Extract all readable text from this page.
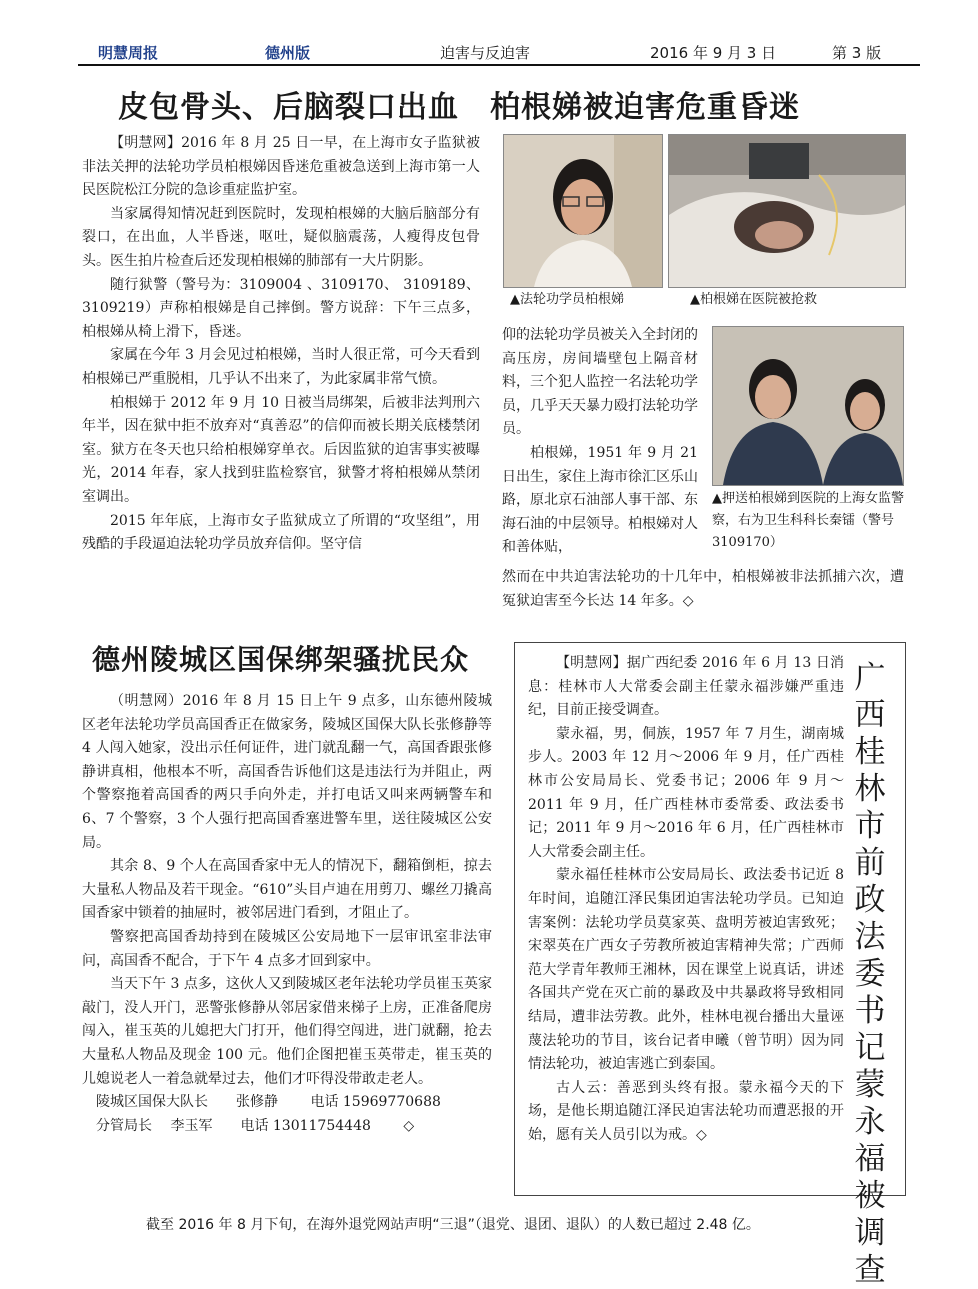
明慧周报	德州版	迫害与反迫害	2016 年 9 月 3 日	第 3 版
皮包骨头、后脑裂口出血　柏根娣被迫害危重昏迷

【明慧网】2016 年 8 月 25 日一早，在上海市女子监狱被非法关押的法轮功学员柏根娣因昏迷危重被急送到上海市第一人民医院松江分院的急诊重症监护室。

当家属得知情况赶到医院时，发现柏根娣的大脑后脑部分有裂口，在出血，人半昏迷，呕吐，疑似脑震荡，人瘦得皮包骨头。医生拍片检查后还发现柏根娣的肺部有一大片阴影。

随行狱警（警号为：3109004 、3109170、 3109189、3109219）声称柏根娣是自己摔倒。警方说辞：下午三点多，柏根娣从椅上滑下，昏迷。

家属在今年 3 月会见过柏根娣，当时人很正常，可今天看到柏根娣已严重脱相，几乎认不出来了，为此家属非常气愤。

柏根娣于 2012 年 9 月 10 日被当局绑架，后被非法判刑六年半，因在狱中拒不放弃对“真善忍”的信仰而被长期关底楼禁闭室。狱方在冬天也只给柏根娣穿单衣。后因监狱的迫害事实被曝光，2014 年春，家人找到驻监检察官，狱警才将柏根娣从禁闭室调出。

2015 年年底，上海市女子监狱成立了所谓的“攻坚组”，用残酷的手段逼迫法轮功学员放弃信仰。坚守信

▲法轮功学员柏根娣	▲柏根娣在医院被抢救

仰的法轮功学员被关入全封闭的高压房，房间墙壁包上隔音材料，三个犯人监控一名法轮功学员，几乎天天暴力殴打法轮功学员。

柏根娣，1951 年 9 月 21 日出生，家住上海市徐汇区乐山路，原北京石油部人事干部、东海石油的中层领导。柏根娣对人和善体贴，

▲押送柏根娣到医院的上海女监警察，右为卫生科科长秦镭（警号 3109170）
然而在中共迫害法轮功的十几年中，柏根娣被非法抓捕六次，遭冤狱迫害至今长达 14 年多。◇
德州陵城区国保绑架骚扰民众

（明慧网）2016 年 8 月 15 日上午 9 点多，山东德州陵城区老年法轮功学员高国香正在做家务，陵城区国保大队长张修静等 4 人闯入她家，没出示任何证件，进门就乱翻一气，高国香跟张修静讲真相，他根本不听，高国香告诉他们这是违法行为并阻止，两个警察拖着高国香的两只手向外走，并打电话又叫来两辆警车和 6、7 个警察，3 个人强行把高国香塞进警车里，送往陵城区公安局。

其余 8、9 个人在高国香家中无人的情况下，翻箱倒柜，掠去大量私人物品及若干现金。“610”头目卢迪在用剪刀、螺丝刀撬高国香家中锁着的抽屉时，被邻居进门看到，才阻止了。

警察把高国香劫持到在陵城区公安局地下一层审讯室非法审问，高国香不配合，于下午 4 点多才回到家中。

当天下午 3 点多，这伙人又到陵城区老年法轮功学员崔玉英家敲门，没人开门，恶警张修静从邻居家借来梯子上房，正准备爬房闯入，崔玉英的儿媳把大门打开，他们得空闯进，进门就翻，抢去大量私人物品及现金 100 元。他们企图把崔玉英带走，崔玉英的儿媳说老人一着急就晕过去，他们才吓得没带敢走老人。

陵城区国保大队长　　张修静　　 电话 15969770688

分管局长　 李玉军　　电话 13011754448 　　◇

【明慧网】据广西纪委 2016 年 6 月 13 日消息：桂林市人大常委会副主任蒙永福涉嫌严重违纪，目前正接受调查。

蒙永福，男，侗族，1957 年 7 月生，湖南城步人。2003 年 12 月～2006 年 9 月，任广西桂林市公安局局长、党委书记；2006 年 9 月～2011 年 9 月，任广西桂林市委常委、政法委书记；2011 年 9 月～2016 年 6 月，任广西桂林市人大常委会副主任。

蒙永福任桂林市公安局局长、政法委书记近 8 年时间，追随江泽民集团迫害法轮功学员。已知迫害案例：法轮功学员莫家英、盘明芳被迫害致死；宋翠英在广西女子劳教所被迫害精神失常；广西师范大学青年教师王湘林，因在课堂上说真话，讲述各国共产党在灭亡前的暴政及中共暴政将导致相同结局，遭非法劳教。此外，桂林电视台播出大量诬蔑法轮功的节目，该台记者申曦（曾节明）因为同情法轮功，被迫害逃亡到泰国。

古人云：善恶到头终有报。蒙永福今天的下场，是他长期追随江泽民迫害法轮功而遭恶报的开始，愿有关人员引以为戒。◇

广西桂林市前政法委书记蒙永福被调查
截至 2016 年 8 月下旬，在海外退党网站声明“三退”（退党、退团、退队）的人数已超过 2.48 亿。
